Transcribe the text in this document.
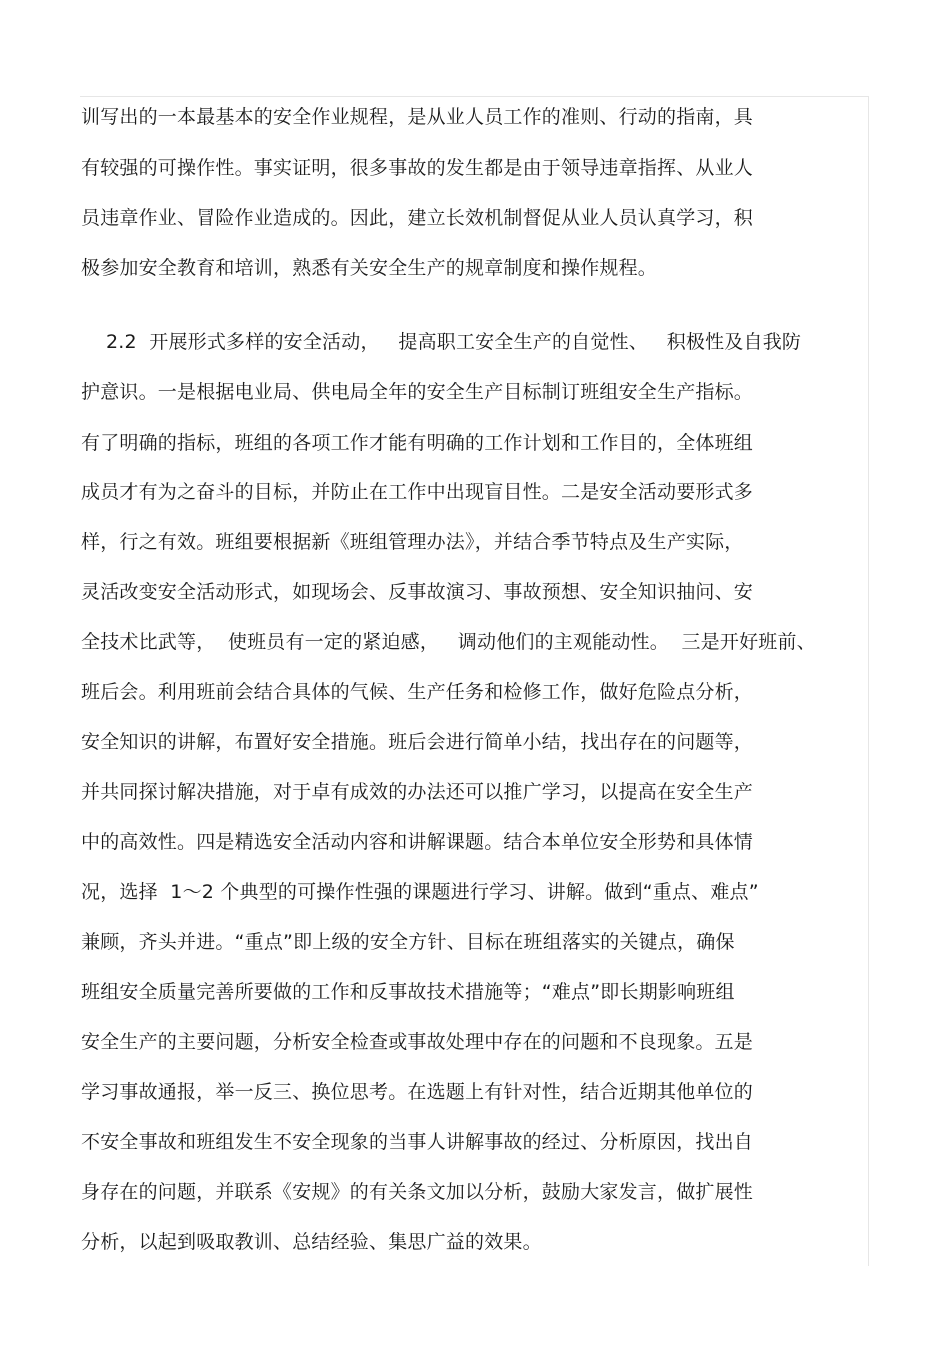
训写出的一本最基本的安全作业规程，是从业人员工作的准则、行动的指南，具
有较强的可操作性。事实证明，很多事故的发生都是由于领导违章指挥、从业人
员违章作业、冒险作业造成的。因此，建立长效机制督促从业人员认真学习，积
极参加安全教育和培训，熟悉有关安全生产的规章制度和操作规程。
2.2  开展形式多样的安全活动，   提高职工安全生产的自觉性、   积极性及自我防
护意识。一是根据电业局、供电局全年的安全生产目标制订班组安全生产指标。
有了明确的指标，班组的各项工作才能有明确的工作计划和工作目的，全体班组
成员才有为之奋斗的目标，并防止在工作中出现盲目性。二是安全活动要形式多
样，行之有效。班组要根据新《班组管理办法》，并结合季节特点及生产实际，
灵活改变安全活动形式，如现场会、反事故演习、事故预想、安全知识抽问、安
全技术比武等，  使班员有一定的紧迫感，   调动他们的主观能动性。  三是开好班前、
班后会。利用班前会结合具体的气候、生产任务和检修工作，做好危险点分析，
安全知识的讲解，布置好安全措施。班后会进行简单小结，找出存在的问题等，
并共同探讨解决措施，对于卓有成效的办法还可以推广学习，以提高在安全生产
中的高效性。四是精选安全活动内容和讲解课题。结合本单位安全形势和具体情
况，选择  1～2 个典型的可操作性强的课题进行学习、讲解。做到“重点、难点”
兼顾，齐头并进。“重点”即上级的安全方针、目标在班组落实的关键点，确保
班组安全质量完善所要做的工作和反事故技术措施等；“难点”即长期影响班组
安全生产的主要问题，分析安全检查或事故处理中存在的问题和不良现象。五是
学习事故通报，举一反三、换位思考。在选题上有针对性，结合近期其他单位的
不安全事故和班组发生不安全现象的当事人讲解事故的经过、分析原因，找出自
身存在的问题，并联系《安规》的有关条文加以分析，鼓励大家发言，做扩展性
分析，以起到吸取教训、总结经验、集思广益的效果。
